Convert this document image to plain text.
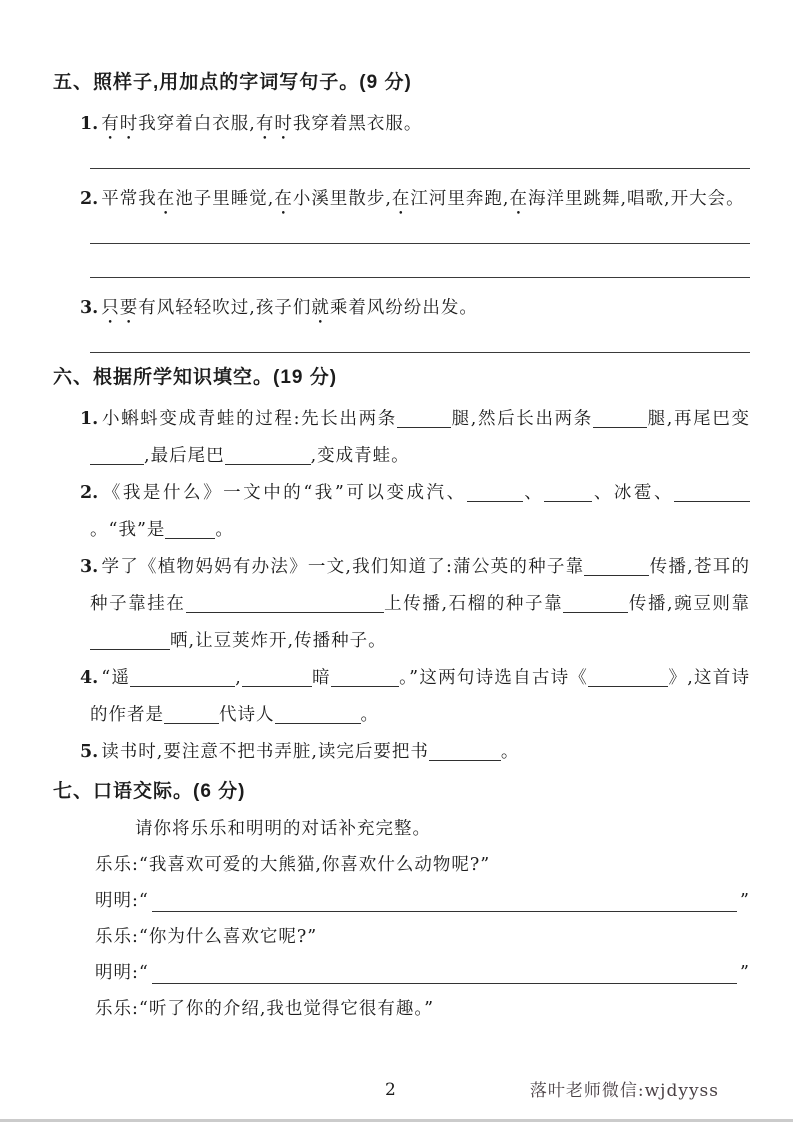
五、照样子,用加点的字词写句子。(9 分)
1. 有时我穿着白衣服,有时我穿着黑衣服。
2. 平常我在池子里睡觉,在小溪里散步,在江河里奔跑,在海洋里跳舞,唱歌,开大会。
3. 只要有风轻轻吹过,孩子们就乘着风纷纷出发。
六、根据所学知识填空。(19 分)
1. 小蝌蚪变成青蛙的过程:先长出两条	腿,然后长出两条	腿,再尾巴变,最后尾巴	,变成青蛙。
2. 《我是什么》一文中的“我”可以变成汽、	、	、冰雹、。“我”是	。
3. 学了《植物妈妈有办法》一文,我们知道了:蒲公英的种子靠	传播,苍耳的种子靠挂在	上传播,石榴的种子靠	传播,豌豆则靠晒,让豆荚炸开,传播种子。
4. “遥	,	暗	。”这两句诗选自古诗《	》,这首诗的作者是	代诗人	。
5. 读书时,要注意不把书弄脏,读完后要把书	。
七、口语交际。(6 分)
请你将乐乐和明明的对话补充完整。
乐乐:“我喜欢可爱的大熊猫,你喜欢什么动物呢?”
明明: “	”
乐乐:“你为什么喜欢它呢?”
明明: “	”
乐乐:“听了你的介绍,我也觉得它很有趣。”
2	落叶老师微信:wjdyyss
